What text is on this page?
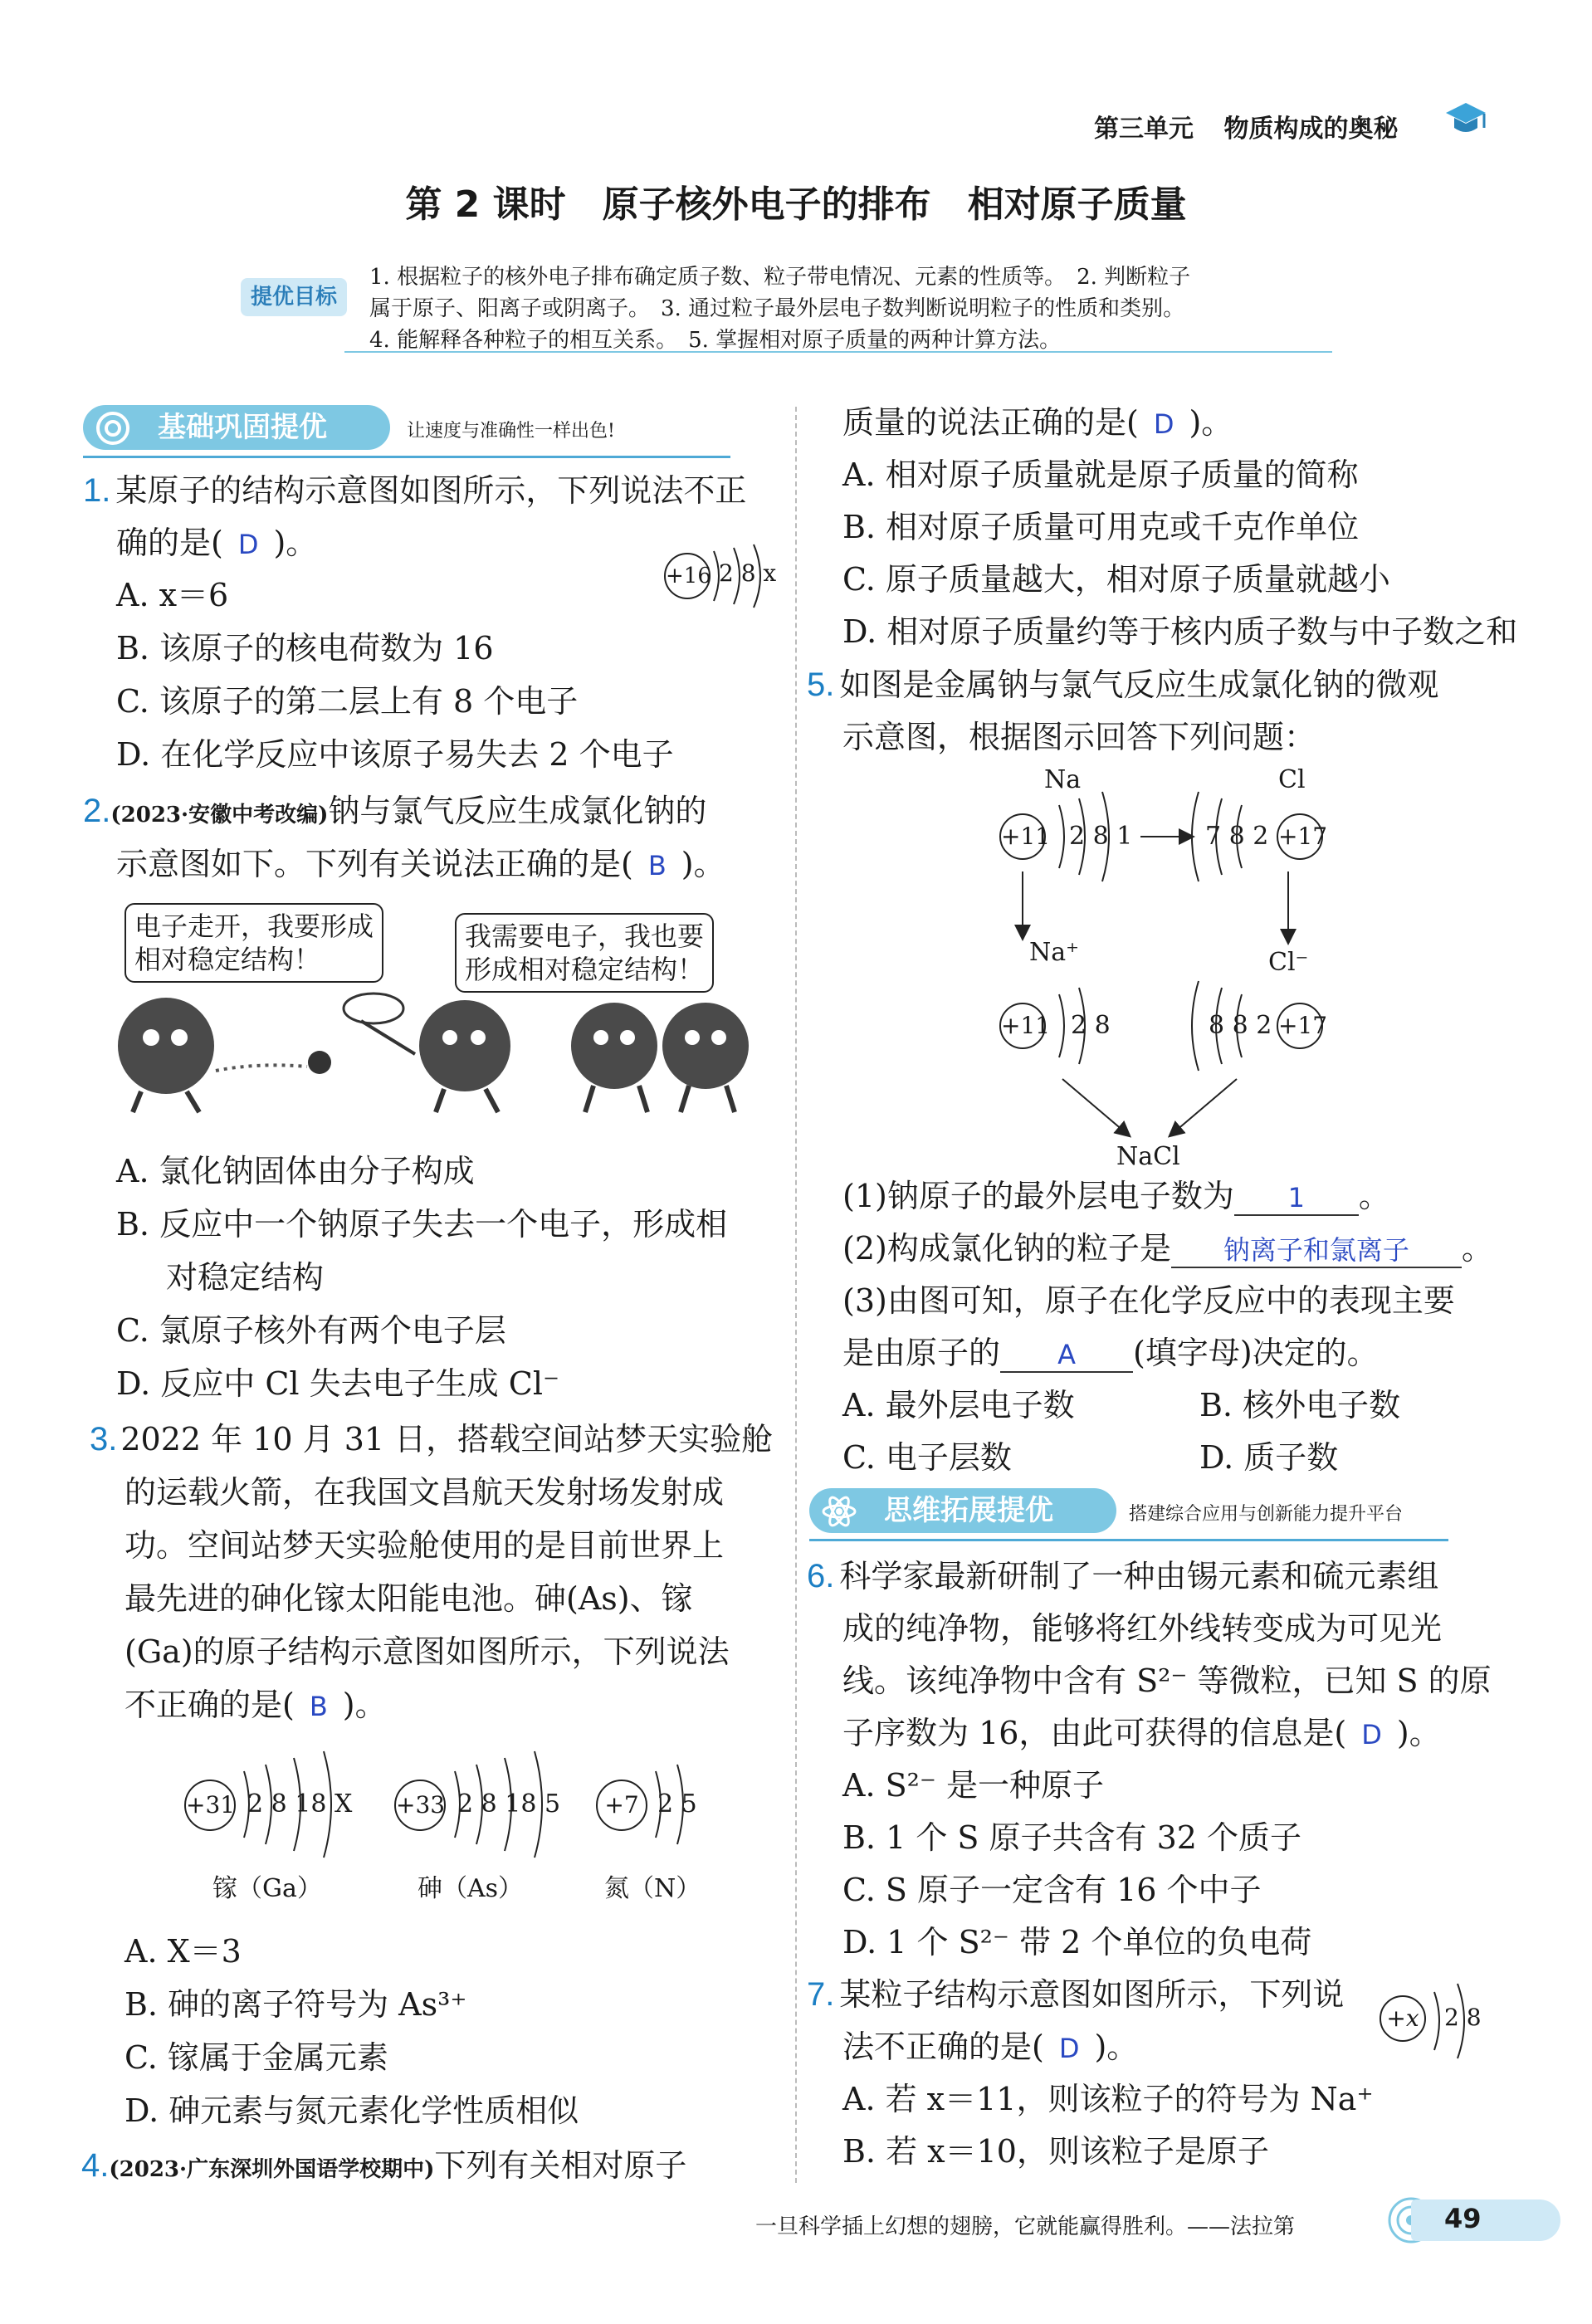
第三单元 物质构成的奥秘
第 2 课时　原子核外电子的排布　相对原子质量
提优目标
1. 根据粒子的核外电子排布确定质子数、粒子带电情况、元素的性质等。　2. 判断粒子
属于原子、阳离子或阴离子。　3. 通过粒子最外层电子数判断说明粒子的性质和类别。
4. 能解释各种粒子的相互关系。　5. 掌握相对原子质量的两种计算方法。
基础巩固提优	让速度与准确性一样出色!
1. 某原子的结构示意图如图所示，下列说法不正
确的是( D )。
+16 2 8 x
A. x＝6
B. 该原子的核电荷数为 16
C. 该原子的第二层上有 8 个电子
D. 在化学反应中该原子易失去 2 个电子
2.(2023·安徽中考改编)钠与氯气反应生成氯化钠的
示意图如下。下列有关说法正确的是( B )。
电子走开，我要形成
相对稳定结构！
我需要电子，我也要
形成相对稳定结构！
A. 氯化钠固体由分子构成
B. 反应中一个钠原子失去一个电子，形成相
对稳定结构
C. 氯原子核外有两个电子层
D. 反应中 Cl 失去电子生成 Cl⁻
3. 2022 年 10 月 31 日，搭载空间站梦天实验舱
的运载火箭，在我国文昌航天发射场发射成
功。空间站梦天实验舱使用的是目前世界上
最先进的砷化镓太阳能电池。砷(As)、镓
(Ga)的原子结构示意图如图所示，下列说法
不正确的是( B )。
+31 2 8 18 X
镓（Ga）
+33 2 8 18 5
砷（As）
+7 2 5
氮（N）
A. X＝3
B. 砷的离子符号为 As³⁺
C. 镓属于金属元素
D. 砷元素与氮元素化学性质相似
4.(2023·广东深圳外国语学校期中)下列有关相对原子
质量的说法正确的是( D )。
A. 相对原子质量就是原子质量的简称
B. 相对原子质量可用克或千克作单位
C. 原子质量越大，相对原子质量就越小
D. 相对原子质量约等于核内质子数与中子数之和
5. 如图是金属钠与氯气反应生成氯化钠的微观
示意图，根据图示回答下列问题：
Na	Cl
+11 2 8 1	7 8 2 +17
Na⁺	Cl⁻
+11 2 8	8 8 2 +17
NaCl
(1)钠原子的最外层电子数为 1 。
(2)构成氯化钠的粒子是 钠离子和氯离子 。
(3)由图可知，原子在化学反应中的表现主要
是由原子的 A (填字母)决定的。
A. 最外层电子数	B. 核外电子数
C. 电子层数	D. 质子数
思维拓展提优	搭建综合应用与创新能力提升平台
6. 科学家最新研制了一种由锡元素和硫元素组
成的纯净物，能够将红外线转变成为可见光
线。该纯净物中含有 S²⁻ 等微粒，已知 S 的原
子序数为 16，由此可获得的信息是( D )。
A. S²⁻ 是一种原子
B. 1 个 S 原子共含有 32 个质子
C. S 原子一定含有 16 个中子
D. 1 个 S²⁻ 带 2 个单位的负电荷
7. 某粒子结构示意图如图所示，下列说
法不正确的是( D )。
+x 2 8
A. 若 x＝11，则该粒子的符号为 Na⁺
B. 若 x＝10，则该粒子是原子
一旦科学插上幻想的翅膀，它就能赢得胜利。——法拉第	49
